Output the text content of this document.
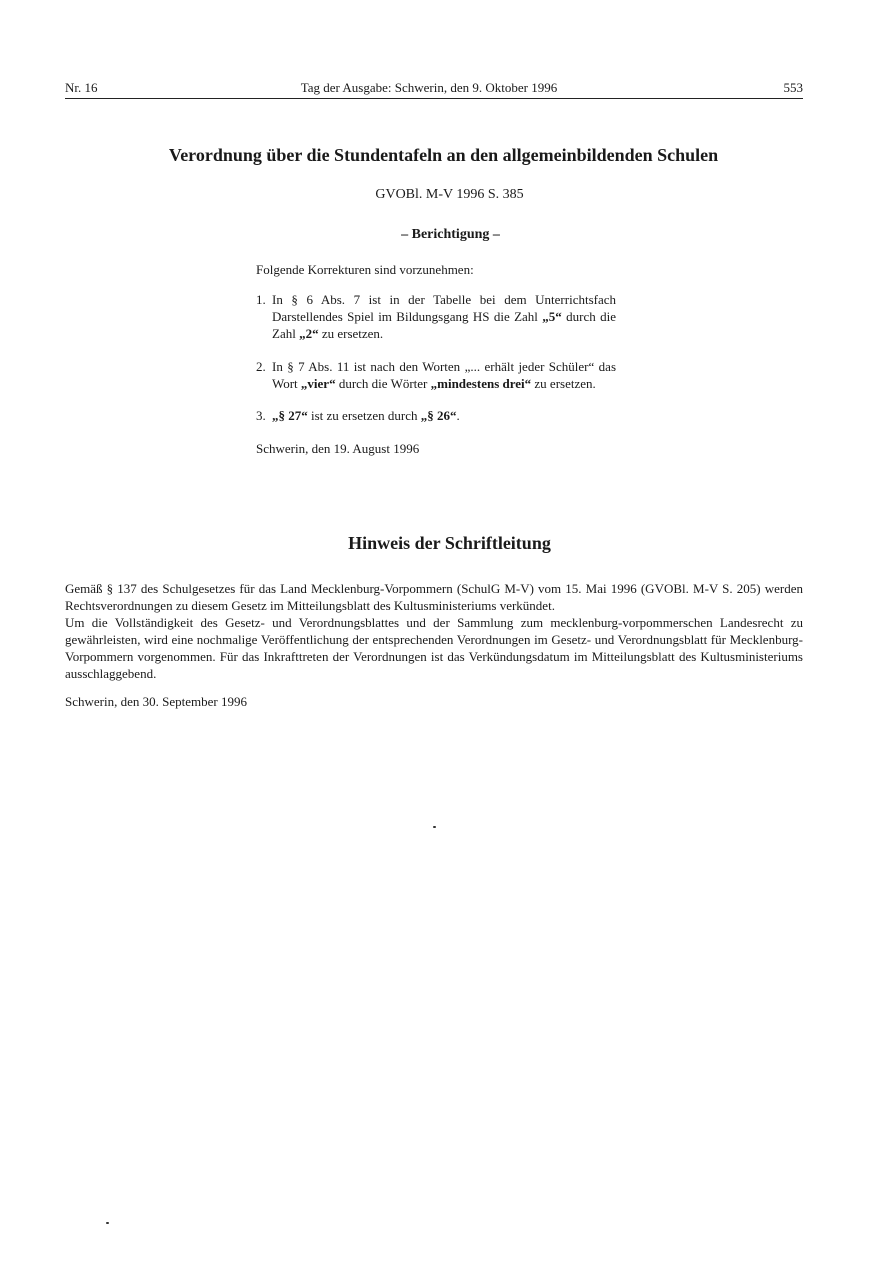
Nr. 16	Tag der Ausgabe: Schwerin, den 9. Oktober 1996	553
Verordnung über die Stundentafeln an den allgemeinbildenden Schulen
GVOBl. M-V 1996 S. 385
– Berichtigung –
Folgende Korrekturen sind vorzunehmen:
1. In § 6 Abs. 7 ist in der Tabelle bei dem Unterrichtsfach Darstellendes Spiel im Bildungsgang HS die Zahl „5“ durch die Zahl „2“ zu ersetzen.
2. In § 7 Abs. 11 ist nach den Worten „... erhält jeder Schüler“ das Wort „vier“ durch die Wörter „mindestens drei“ zu ersetzen.
3. „§ 27“ ist zu ersetzen durch „§ 26“.
Schwerin, den 19. August 1996
Hinweis der Schriftleitung

Gemäß § 137 des Schulgesetzes für das Land Mecklenburg-Vorpommern (SchulG M-V) vom 15. Mai 1996 (GVOBl. M-V S. 205) werden Rechtsverordnungen zu diesem Gesetz im Mitteilungsblatt des Kultusministeriums verkündet.

Um die Vollständigkeit des Gesetz- und Verordnungsblattes und der Sammlung zum mecklenburg-vorpommerschen Landesrecht zu gewährleisten, wird eine nochmalige Veröffentlichung der entsprechenden Verordnungen im Gesetz- und Verordnungsblatt für Mecklenburg-Vorpommern vorgenommen. Für das Inkrafttreten der Verordnungen ist das Verkündungsdatum im Mitteilungsblatt des Kultusministeriums ausschlaggebend.

Schwerin, den 30. September 1996
